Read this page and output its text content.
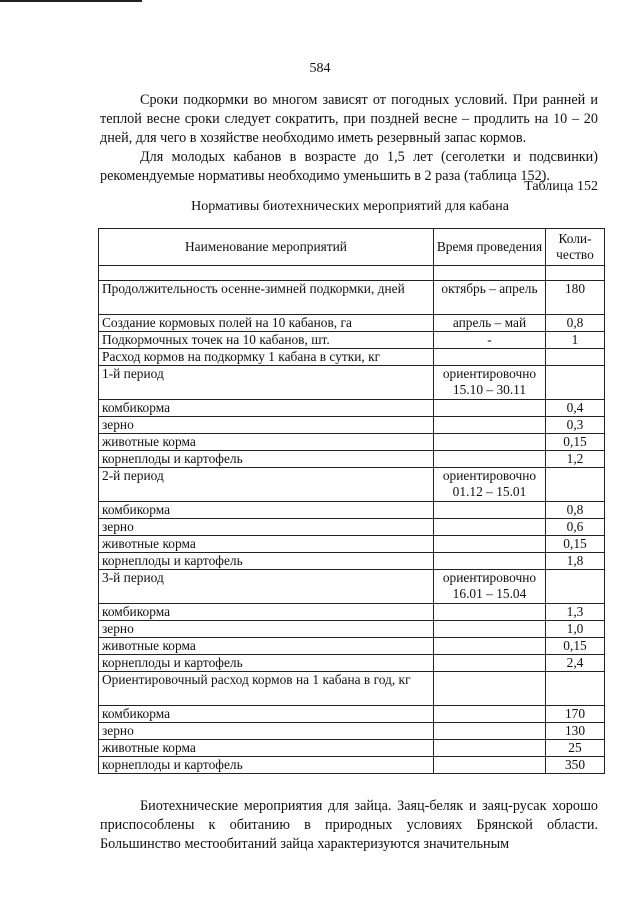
584

Сроки подкормки во многом зависят от погодных условий. При ранней и теплой весне сроки следует сократить, при поздней весне – продлить на 10 – 20 дней, для чего в хозяйстве необходимо иметь резервный запас кормов.

Для молодых кабанов в возрасте до 1,5 лет (сеголетки и подсвинки) рекомендуемые нормативы необходимо уменьшить в 2 раза (таблица 152).

Таблица 152
Нормативы биотехнических мероприятий для кабана
Наименование мероприятий	Время проведения	Коли-чество

Продолжительность осенне-зимней подкормки, дней	октябрь – апрель	180
Создание кормовых полей на 10 кабанов, га	апрель – май	0,8
Подкормочных точек на 10 кабанов, шт.	-	1
Расход кормов на подкормку 1 кабана в сутки, кг		
1-й период	ориентировочно 15.10 – 30.11	
комбикорма		0,4
зерно		0,3
животные корма		0,15
корнеплоды и картофель		1,2
2-й период	ориентировочно 01.12 – 15.01	
комбикорма		0,8
зерно		0,6
животные корма		0,15
корнеплоды и картофель		1,8
3-й период	ориентировочно 16.01 – 15.04	
комбикорма		1,3
зерно		1,0
животные корма		0,15
корнеплоды и картофель		2,4
Ориентировочный расход кормов на 1 кабана в год, кг		
комбикорма		170
зерно		130
животные корма		25
корнеплоды и картофель		350

Биотехнические мероприятия для зайца. Заяц-беляк и заяц-русак хорошо приспособлены к обитанию в природных условиях Брянской области. Большинство местообитаний зайца характеризуются значительным
